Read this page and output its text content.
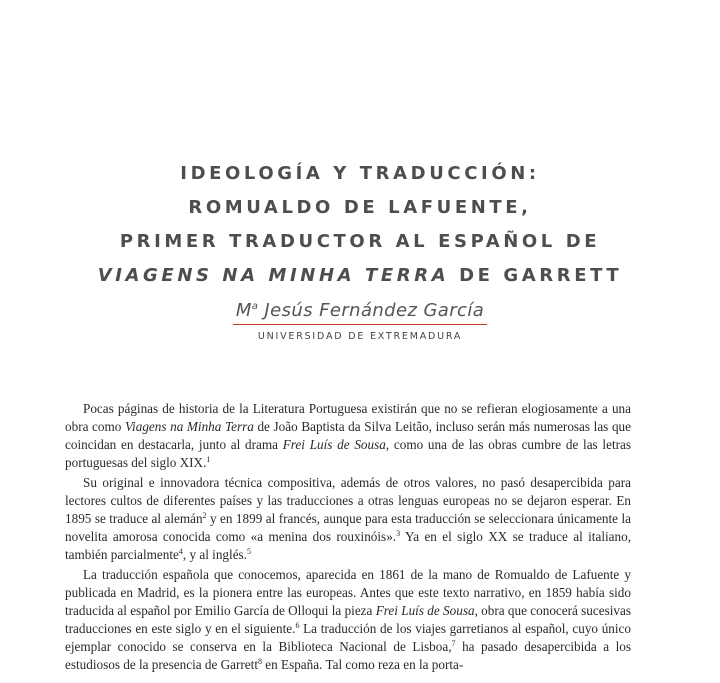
IDEOLOGÍA Y TRADUCCIÓN:
ROMUALDO DE LAFUENTE,
PRIMER TRADUCTOR AL ESPAÑOL DE
VIAGENS NA MINHA TERRA DE GARRETT
$M^a$ Jesús Fernández García
UNIVERSIDAD DE EXTREMADURA

Pocas páginas de historia de la Literatura Portuguesa existirán que no se refieran elogiosamente a una obra como Viagens na Minha Terra de João Baptista da Silva Leitão, incluso serán más numerosas las que coincidan en destacarla, junto al drama Frei Luís de Sousa, como una de las obras cumbre de las letras portuguesas del siglo XIX.$^1$

Su original e innovadora técnica compositiva, además de otros valores, no pasó desapercibida para lectores cultos de diferentes países y las traducciones a otras lenguas europeas no se dejaron esperar. En 1895 se traduce al alemán$^2$ y en 1899 al francés, aunque para esta traducción se seleccionara únicamente la novelita amorosa conocida como «a menina dos rouxinóis».$^3$ Ya en el siglo XX se traduce al italiano, también parcialmente$^4$, y al inglés.$^5$

La traducción española que conocemos, aparecida en 1861 de la mano de Romualdo de Lafuente y publicada en Madrid, es la pionera entre las europeas. Antes que este texto narrativo, en 1859 había sido traducida al español por Emilio García de Olloqui la pieza Frei Luís de Sousa, obra que conocerá sucesivas traducciones en este siglo y en el siguiente.$^6$ La traducción de los viajes garretianos al español, cuyo único ejemplar conocido se conserva en la Biblioteca Nacional de Lisboa,$^7$ ha pasado desapercibida a los estudiosos de la presencia de Garrett$^8$ en España. Tal como reza en la porta-
